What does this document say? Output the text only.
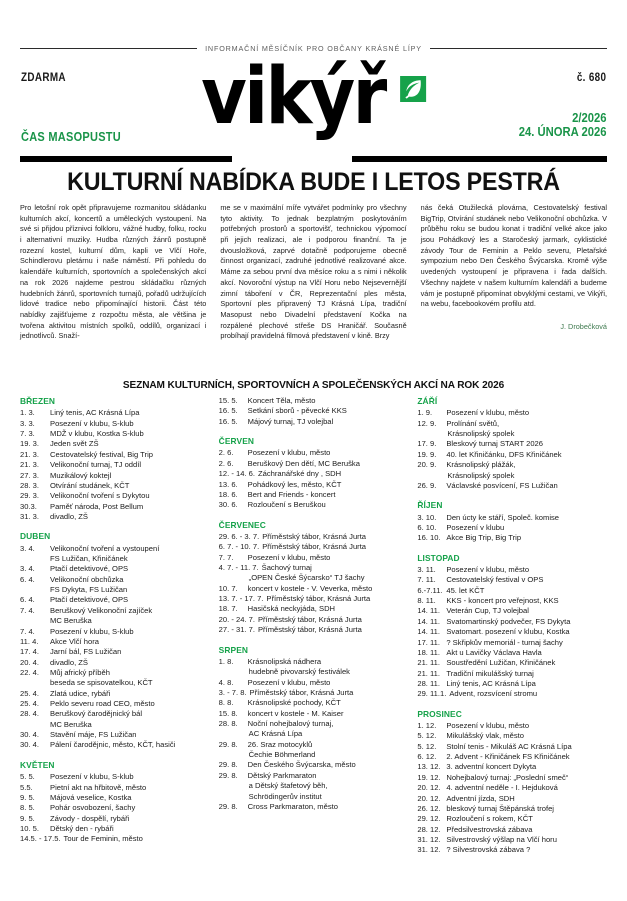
INFORMAČNÍ MĚSÍČNÍK PRO OBČANY KRÁSNÉ LÍPY
ZDARMA	č. 680
vikýř
ČAS MASOPUSTU
2/2026
24. ÚNORA 2026
KULTURNÍ NABÍDKA BUDE I LETOS PESTRÁ

Pro letošní rok opět připravujeme rozmanitou skládanku kulturních akcí, koncertů a uměleckých vystoupení. Na své si přijdou příznivci folkloru, vážné hudby, folku, rocku i alternativní muziky. Hudba různých žánrů postupně rozezní kostel, kulturní dům, kapli ve Vlčí Hoře, Schindlerovu pletárnu i naše náměstí. Při pohledu do kalendáře kulturních, sportovních a společenských akcí na rok 2026 najdeme pestrou skládačku různých hudebních žánrů, sportovních turnajů, pořadů udržujících lidové tradice nebo připomínající historii. Část této nabídky zajišťujeme z rozpočtu města, ale většina je tvořena aktivitou místních spolků, oddílů, organizací i jednotlivců. Snaží-

me se v maximální míře vytvářet podmínky pro všechny tyto aktivity. To jednak bezplatným poskytováním potřebných prostorů a sportovišť, technickou výpomocí při jejich realizaci, ale i podporou finanční. Ta je dvousložková, zaprvé dotačně podporujeme obecně činnost organizací, zadruhé jednotlivé realizované akce. Máme za sebou první dva měsíce roku a s nimi i několik akcí. Novoroční výstup na Vlčí Horu nebo Nejsevernější zimní táboření v ČR, Reprezentační ples města, Sportovní ples připravený TJ Krásná Lípa, tradiční Masopust nebo Divadelní představení Kočka na rozpálené plechové střeše DS Hraničář. Současně probíhají pravidelná filmová představení v kině. Brzy

nás čeká Otužilecká plovárna, Cestovatelský festival BigTrip, Otvírání studánek nebo Velikonoční obchůzka. V průběhu roku se budou konat i tradiční velké akce jako jsou Pohádkový les a Staročeský jarmark, cyklistické závody Tour de Feminin a Peklo severu, Pletařské sympozium nebo Den Českého Švýcarska. Kromě výše uvedených vystoupení je připravena i řada dalších. Všechny najdete v našem kulturním kalendáři a budeme vám je postupně připomínat obvyklými cestami, ve Vikýři, na webu, facebookovém profilu atd.

J. Drobečková
SEZNAM KULTURNÍCH, SPORTOVNÍCH A SPOLEČENSKÝCH AKCÍ NA ROK 2026
BŘEZEN
1. 3.	Liný tenis, AC Krásná Lípa
3. 3.	Posezení v klubu, S-klub
7. 3.	MDŽ v klubu, Kostka S-klub
19. 3.	Jeden svět ZŠ
21. 3.	Cestovatelský festival, Big Trip
21. 3.	Velikonoční turnaj, TJ oddíl
27. 3.	Muzikálový koktejl
28. 3.	Otvírání studánek, KČT
29. 3.	Velikonoční tvoření s Dykytou
30.3.	Paměť národa, Post Bellum
31. 3.	divadlo, ZŠ
DUBEN
3. 4.	Velikonoční tvoření a vystoupení
FS Lužičan, Křiničánek
3. 4.	Ptačí detektivové, OPS
6. 4.	Velikonoční obchůzka
FS Dykyta, FS Lužičan
6. 4.	Ptačí detektivové, OPS
7. 4.	Beruškový Velikonoční zajíček
MC Beruška
7. 4.	Posezení v klubu, S-klub
11. 4.	Akce Vlčí hora
17. 4.	Jarní bál, FS Lužičan
20. 4.	divadlo, ZŠ
22. 4.	Můj africký příběh
beseda se spisovatelkou, KČT
25. 4.	Zlatá udice, rybáři
25. 4.	Peklo severu road CEO, město
28. 4.	Beruškový čarodějnický bál
MC Beruška
30. 4.	Stavění máje, FS Lužičan
30. 4.	Pálení čarodějnic, město, KČT, hasiči
KVĚTEN
5. 5.	Posezení v klubu, S-klub
5.5.	Pietní akt na hřbitově, město
9. 5.	Májová veselice, Kostka
8. 5.	Pohár osvobození, šachy
9. 5.	Závody - dospělí, rybáři
10. 5.	Dětský den - rybáři
14.5. - 17.5. Tour de Feminin, město
15. 5.	Koncert Těla, město
16. 5.	Setkání sborů - pěvecké KKS
16. 5.	Májový turnaj, TJ volejbal
ČERVEN
2. 6.	Posezení v klubu, město
2. 6.	Beruškový Den dětí, MC Beruška
12. - 14. 6. Záchranářské dny , SDH
13. 6.	Pohádkový les, město, KČT
18. 6.	Bert and Friends - koncert
30. 6.	Rozloučení s Beruškou
ČERVENEC
29. 6. - 3. 7. Příměstský tábor, Krásná Jurta
6. 7. - 10. 7. Příměstský tábor, Krásná Jurta
7. 7.	Posezení v klubu, město
4. 7. - 11. 7. Šachový turnaj
„OPEN České Šýcarsko“ TJ šachy
10. 7.	koncert v kostele - V. Veverka, město
13. 7. - 17. 7. Příměstský tábor, Krásná Jurta
18. 7.	Hasičská neckyjáda, SDH
20. - 24. 7. Příměstský tábor, Krásná Jurta
27. - 31. 7. Příměstský tábor, Krásná Jurta
SRPEN
1. 8.	Krásnolipská nádhera
hudebně pivovarský festiválek
4. 8.	Posezení v klubu, město
3. - 7. 8. Příměstský tábor, Krásná Jurta
8. 8.	Krásnolipské pochody, KČT
15. 8.	koncert v kostele - M. Kaiser
28. 8.	Noční nohejbalový turnaj,
AC Krásná Lípa
29. 8.	26. Sraz motocyklů
Čechie Böhmerland
29. 8.	Den Českého Švýcarska, město
29. 8.	Dětský Parkmaraton
a Dětský štafetový běh,
Schrödingerův institut
29. 8.	Cross Parkmaraton, město
ZÁŘÍ
1. 9.	Posezení v klubu, město
12. 9.	Prolínání světů,
Krásnolipský spolek
17. 9.	Bleskový turnaj START 2026
19. 9.	40. let Křiničánku, DFS Křiničánek
20. 9.	Krásnolipský plážák,
Krásnolipský spolek
26. 9.	Václavské posvícení, FS Lužičan
ŘÍJEN
3. 10.	Den úcty ke stáří, Společ. komise
6. 10.	Posezení v klubu
16. 10. Akce Big Trip, Big Trip
LISTOPAD
3. 11.	Posezení v klubu, město
7. 11.	Cestovatelský festival v OPS
6.-7.11. 45. let KČT
8. 11.	KKS - koncert pro veřejnost, KKS
14. 11. Veterán Cup, TJ volejbal
14. 11. Svatomartinský podvečer, FS Dykyta
14. 11. Svatomart. posezení v klubu, Kostka
17. 11. ? Skřipkův memoriál - turnaj šachy
18. 11. Akt u Lavičky Václava Havla
21. 11. Soustředění Lužičan, Křiničánek
21. 11. Tradiční mikulášský turnaj
28. 11. Liný tenis, AC Krásná Lípa
29. 11.1. Advent, rozsvícení stromu
PROSINEC
1. 12.	Posezení v klubu, město
5. 12.	Mikulášský vlak, město
5. 12.	Stolní tenis - Mikuláš AC Krásná Lípa
6. 12.	2. Advent - Křiničánek FS Křiničánek
13. 12. 3. adventní koncert Dykyta
19. 12. Nohejbalový turnaj: „Poslední smeč“
20. 12. 4. adventní neděle - I. Hejduková
20. 12. Adventní jízda, SDH
26. 12. bleskový turnaj Štěpánská trofej
29. 12. Rozloučení s rokem, KČT
28. 12. Předsilvestrovská zábava
31. 12. Silvestrovský výšlap na Vlčí horu
31. 12. ? Silvestrovská zábava ?
